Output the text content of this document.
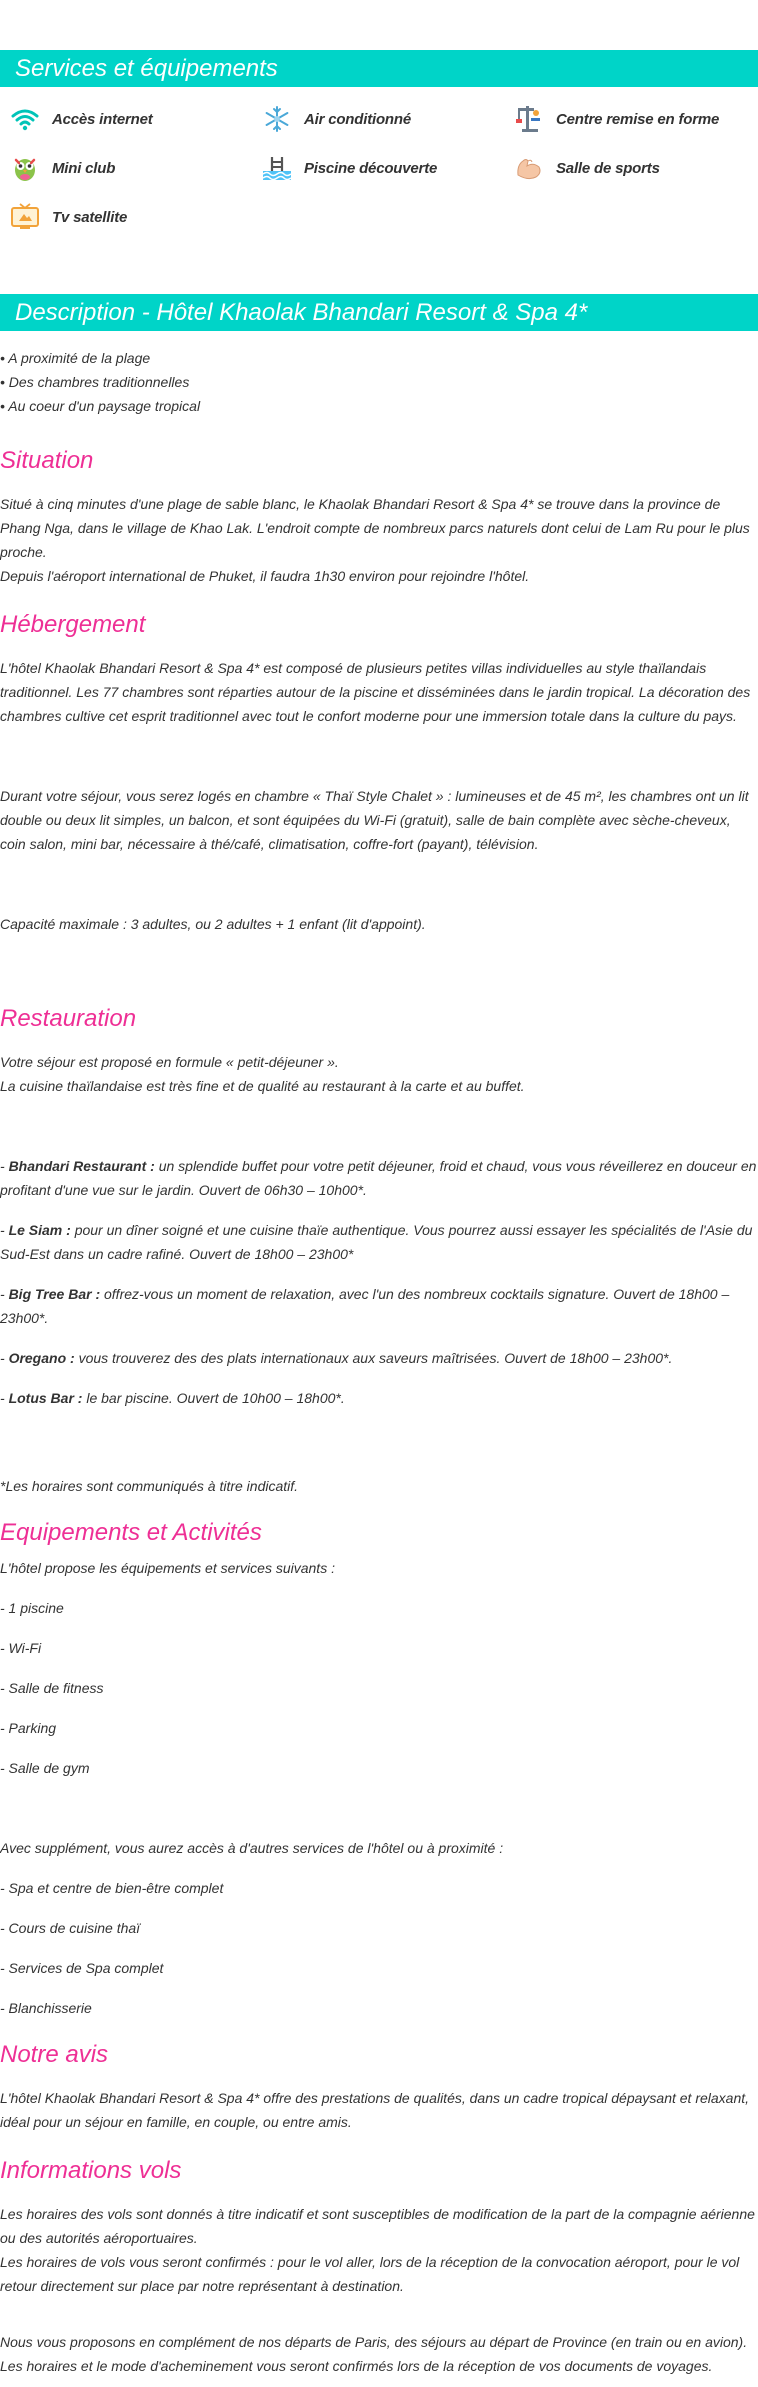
Services et équipements
Accès internet	Air conditionné	Centre remise en forme
Mini club	Piscine découverte	Salle de sports
Tv satellite
Description - Hôtel Khaolak Bhandari Resort & Spa 4*

• A proximité de la plage

• Des chambres traditionnelles

• Au coeur d'un paysage tropical

Situation

Situé à cinq minutes d'une plage de sable blanc, le Khaolak Bhandari Resort & Spa 4* se trouve dans la province de Phang Nga, dans le village de Khao Lak. L'endroit compte de nombreux parcs naturels dont celui de Lam Ru pour le plus proche.

Depuis l'aéroport international de Phuket, il faudra 1h30 environ pour rejoindre l'hôtel.

Hébergement

L'hôtel Khaolak Bhandari Resort & Spa 4* est composé de plusieurs petites villas individuelles au style thaïlandais traditionnel. Les 77 chambres sont réparties autour de la piscine et disséminées dans le jardin tropical. La décoration des chambres cultive cet esprit traditionnel avec tout le confort moderne pour une immersion totale dans la culture du pays.

Durant votre séjour, vous serez logés en chambre « Thaï Style Chalet » : lumineuses et de 45 m², les chambres ont un lit double ou deux lit simples, un balcon, et sont équipées du Wi-Fi (gratuit), salle de bain complète avec sèche-cheveux, coin salon, mini bar, nécessaire à thé/café, climatisation, coffre-fort (payant), télévision.

Capacité maximale : 3 adultes, ou 2 adultes + 1 enfant (lit d'appoint).

Restauration

Votre séjour est proposé en formule « petit-déjeuner ».

La cuisine thaïlandaise est très fine et de qualité au restaurant à la carte et au buffet.

- Bhandari Restaurant : un splendide buffet pour votre petit déjeuner, froid et chaud, vous vous réveillerez en douceur en profitant d'une vue sur le jardin. Ouvert de 06h30 – 10h00*.

- Le Siam : pour un dîner soigné et une cuisine thaïe authentique. Vous pourrez aussi essayer les spécialités de l'Asie du Sud-Est dans un cadre rafiné. Ouvert de 18h00 – 23h00*

- Big Tree Bar : offrez-vous un moment de relaxation, avec l'un des nombreux cocktails signature. Ouvert de 18h00 – 23h00*.

- Oregano : vous trouverez des des plats internationaux aux saveurs maîtrisées. Ouvert de 18h00 – 23h00*.

- Lotus Bar : le bar piscine. Ouvert de 10h00 – 18h00*.

*Les horaires sont communiqués à titre indicatif.

Equipements et Activités

L'hôtel propose les équipements et services suivants :

- 1 piscine

- Wi-Fi

- Salle de fitness

- Parking

- Salle de gym

Avec supplément, vous aurez accès à d'autres services de l'hôtel ou à proximité :

- Spa et centre de bien-être complet

- Cours de cuisine thaï

- Services de Spa complet

- Blanchisserie

Notre avis

L'hôtel Khaolak Bhandari Resort & Spa 4* offre des prestations de qualités, dans un cadre tropical dépaysant et relaxant, idéal pour un séjour en famille, en couple, ou entre amis.

Informations vols

Les horaires des vols sont donnés à titre indicatif et sont susceptibles de modification de la part de la compagnie aérienne ou des autorités aéroportuaires.

Les horaires de vols vous seront confirmés : pour le vol aller, lors de la réception de la convocation aéroport, pour le vol retour directement sur place par notre représentant à destination.

Nous vous proposons en complément de nos départs de Paris, des séjours au départ de Province (en train ou en avion).

Les horaires et le mode d'acheminement vous seront confirmés lors de la réception de vos documents de voyages.
